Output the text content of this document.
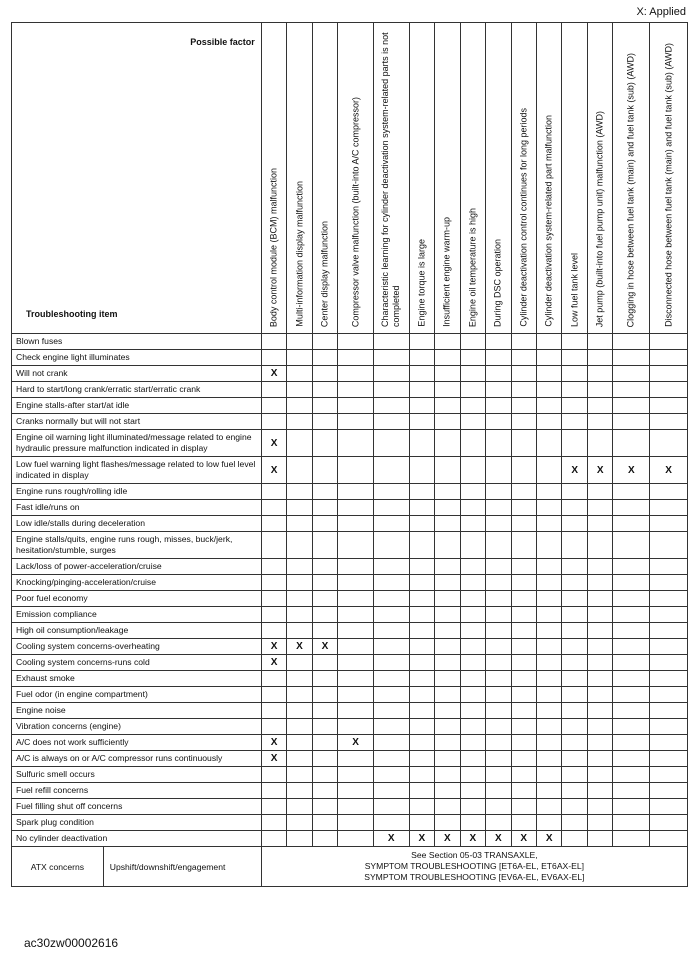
X: Applied
Possible factor
Troubleshooting item		Body control module (BCM) malfunction	Multi-information display malfunction	Center display malfunction	Compressor valve malfunction (built-into A/C compressor)	Characteristic learning for cylinder deactivation system-related parts is not completed	Engine torque is large	Insufficient engine warm-up	Engine oil temperature is high	During DSC operation	Cylinder deactivation control continues for long periods	Cylinder deactivation system-related part malfunction	Low fuel tank level	Jet pump (built-into fuel pump unit) malfunction (AWD)	Clogging in hose between fuel tank (main) and fuel tank (sub) (AWD)	Disconnected hose between fuel tank (main) and fuel tank (sub) (AWD)

Blown fuses																
Check engine light illuminates																
Will not crank		X														
Hard to start/long crank/erratic start/erratic crank																
Engine stalls-after start/at idle																
Cranks normally but will not start																
Engine oil warning light illuminated/message related to engine hydraulic pressure malfunction indicated in display		X														
Low fuel warning light flashes/message related to low fuel level indicated in display		X											X	X	X	X
Engine runs rough/rolling idle																
Fast idle/runs on																
Low idle/stalls during deceleration																
Engine stalls/quits, engine runs rough, misses, buck/jerk, hesitation/stumble, surges																
Lack/loss of power-acceleration/cruise																
Knocking/pinging-acceleration/cruise																
Poor fuel economy																
Emission compliance																
High oil consumption/leakage																
Cooling system concerns-overheating		X	X	X												
Cooling system concerns-runs cold		X														
Exhaust smoke																
Fuel odor (in engine compartment)																
Engine noise																
Vibration concerns (engine)																
A/C does not work sufficiently		X			X											
A/C is always on or A/C compressor runs continuously		X														
Sulfuric smell occurs																
Fuel refill concerns																
Fuel filling shut off concerns																
Spark plug condition																
No cylinder deactivation						X	X	X	X	X	X	X				
ATX concerns	Upshift/downshift/engagement	See Section 05-03 TRANSAXLE,
SYMPTOM TROUBLESHOOTING [ET6A-EL, ET6AX-EL]
SYMPTOM TROUBLESHOOTING [EV6A-EL, EV6AX-EL]														
ac30zw00002616
